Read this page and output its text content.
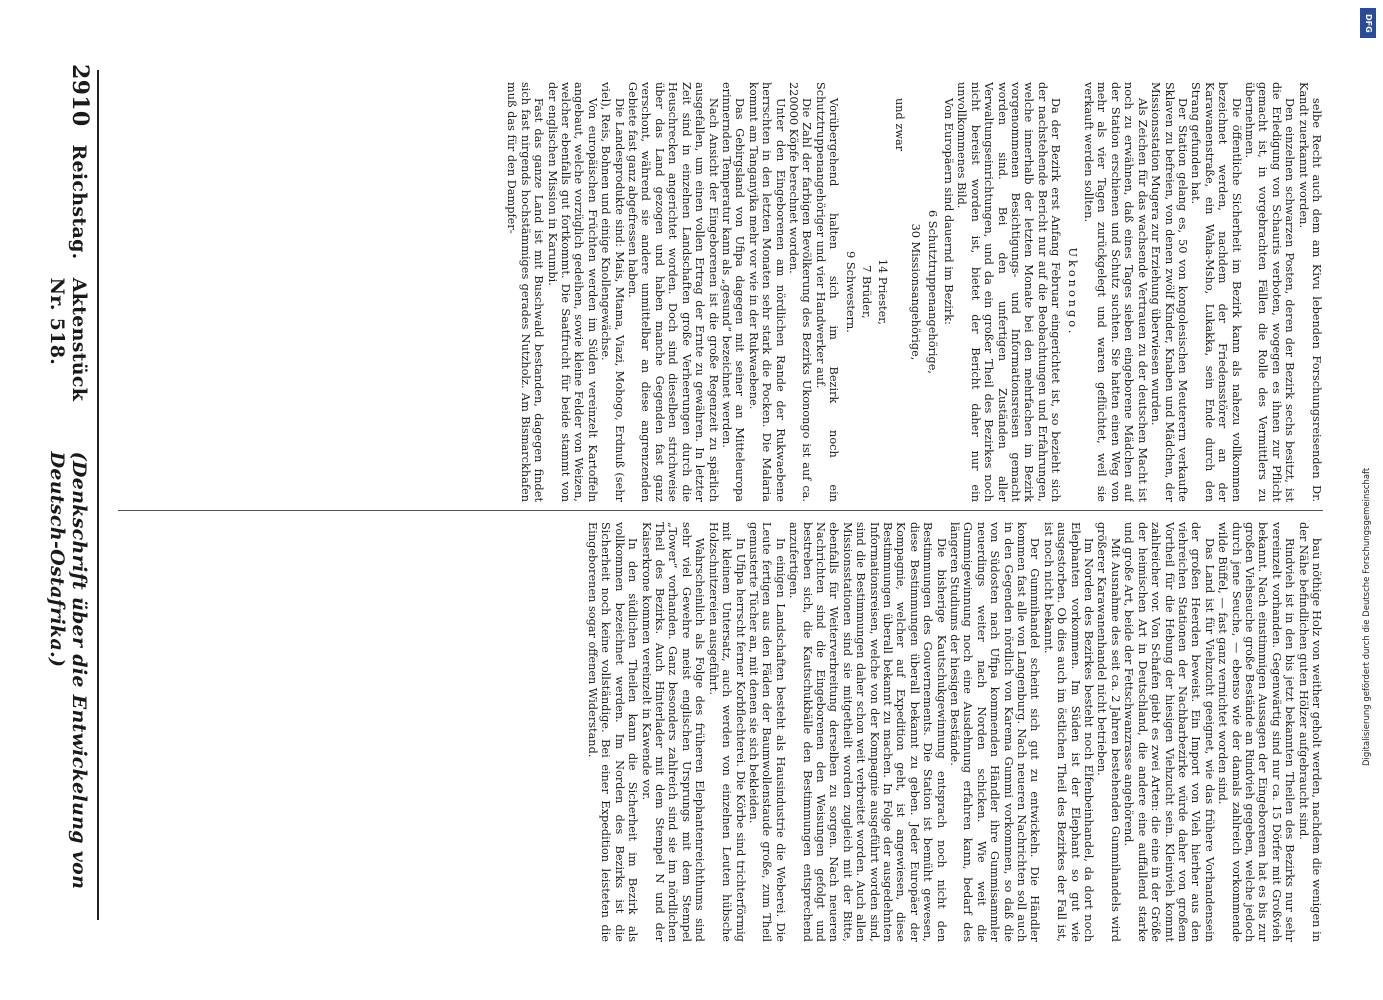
2910
Reichstag.
Aktenstück Nr. 518.
(Denkschrift über die Entwickelung von Deutsch-Ostafrika.)

selbe Recht auch dem am Kivu lebenden Forschungsreisenden Dr. Kandt zuerkannt worden.

Den einzelnen schwarzen Posten, deren der Bezirk sechs besitzt, ist die Erledigung von Schauris verboten, wogegen es ihnen zur Pflicht gemacht ist, in vorgebrachten Fällen die Rolle des Vermittlers zu übernehmen.

Die öffentliche Sicherheit im Bezirk kann als nahezu vollkommen bezeichnet werden, nachdem der Friedensstörer an der Karawanenstraße, ein Waha-Msho, Lukakka, sein Ende durch den Strang gefunden hat.

Der Station gelang es, 50 von kongolesischen Meuterern verkaufte Sklaven zu befreien, von denen zwölf Kinder, Knaben und Mädchen, der Missionsstation Mugera zur Erziehung überwiesen wurden.

Als Zeichen für das wachsende Vertrauen zu der deutschen Macht ist noch zu erwähnen, daß eines Tages sieben eingeborene Mädchen auf der Station erschienen und Schutz suchten. Sie hatten einen Weg von mehr als vier Tagen zurückgelegt und waren geflüchtet, weil sie verkauft werden sollten.

Ukonongo.

Da der Bezirk erst Anfang Februar eingerichtet ist, so bezieht sich der nachstehende Bericht nur auf die Beobachtungen und Erfahrungen, welche innerhalb der letzten Monate bei den mehrfachen im Bezirk vorgenommenen Besichtigungs- und Informationsreisen gemacht worden sind. Bei den unfertigen Zuständen aller Verwaltungseinrichtungen, und da ein großer Theil des Bezirkes noch nicht bereist worden ist, bietet der Bericht daher nur ein unvollkommenes Bild.

Von Europäern sind dauernd im Bezirk:

6 Schutztruppenangehörige,

30 Missionsangehörige,

und zwar

14 Priester,

7 Brüder,

9 Schwestern.

Vorübergehend halten sich im Bezirk noch ein Schutztruppenangehöriger und vier Handwerker auf.

Die Zahl der farbigen Bevölkerung des Bezirks Ukonongo ist auf ca. 220000 Köpfe berechnet worden.

Unter den Eingeborenen am nördlichen Rande der Rukwaebene herrschten in den letzten Monaten sehr stark die Pocken. Die Malaria kommt am Tanganyika mehr vor wie in der Rukwaebene.

Das Gebirgsland von Ufipa dagegen mit seiner an Mitteleuropa erinnernden Temperatur kann als „gesund“ bezeichnet werden.

Nach Ansicht der Eingeborenen ist die große Regenzeit zu spärlich ausgefallen, um einen vollen Ertrag der Ernte zu gewähren. In letzter Zeit sind in einzelnen Landschaften große Verheerungen durch die Heuschrecken angerichtet worden. Doch sind dieselben strichweise über das Land gezogen und haben manche Gegenden fast ganz verschont, während sie andere unmittelbar an diese angrenzenden Gebiete fast ganz abgefressen haben.

Die Landesprodukte sind: Mais, Mtama, Viazi, Mohogo, Erdnuß (sehr viel), Reis, Bohnen und einige Knollengewächse.

Von europäischen Früchten werden im Süden vereinzelt Kartoffeln angebaut, welche vorzüglich gedeihen, sowie kleine Felder von Weizen, welcher ebenfalls gut fortkommt. Die Saatfrucht für beide stammt von der englischen Mission in Karumbi.

Fast das ganze Land ist mit Buschwald bestanden, dagegen findet sich fast nirgends hochstämmiges gerades Nutzholz. Am Bismarckhafen muß das für den Dampfer-

bau nöthige Holz von weither geholt werden, nachdem die wenigen in der Nähe befindlichen guten Hölzer aufgebraucht sind.

Rindvieh ist in den bis jetzt bekannten Theilen des Bezirks nur sehr vereinzelt vorhanden. Gegenwärtig sind nur ca. 15 Dörfer mit Großvieh bekannt. Nach einstimmigen Aussagen der Eingeborenen hat es bis zur großen Viehseuche große Bestände an Rindvieh gegeben, welche jedoch durch jene Seuche, — ebenso wie der damals zahlreich vorkommende wilde Büffel, — fast ganz vernichtet worden sind.

Das Land ist für Viehzucht geeignet, wie das frühere Vorhandensein der großen Heerden beweist. Ein Import von Vieh hierher aus den viehreichen Stationen der Nachbarbezirke würde daher von großem Vortheil für die Hebung der hiesigen Viehzucht sein. Kleinvieh kommt zahlreicher vor. Von Schafen giebt es zwei Arten: die eine in der Größe der heimischen Art in Deutschland, die andere eine auffallend starke und große Art, beide der Fettschwanzrasse angehörend.

Mit Ausnahme des seit ca. 2 Jahren bestehenden Gummihandels wird größerer Karawanenhandel nicht betrieben.

Im Norden des Bezirkes besteht noch Elfenbeinhandel, da dort noch Elephanten vorkommen. Im Süden ist der Elephant so gut wie ausgestorben. Ob dies auch im östlichen Theil des Bezirkes der Fall ist, ist noch nicht bekannt.

Der Gummihandel scheint sich gut zu entwickeln. Die Händler kommen fast alle von Langenburg. Nach neueren Nachrichten soll auch in den Gegenden nördlich von Karema Gummi vorkommen, so daß die von Südosten nach Ufipa kommenden Händler ihre Gummisammler neuerdings weiter nach Norden schicken. Wie weit die Gummigewinnung noch eine Ausdehnung erfahren kann, bedarf des längeren Studiums der hiesigen Bestände.

Die bisherige Kautschukgewinnung entsprach noch nicht den Bestimmungen des Gouvernements. Die Station ist bemüht gewesen, diese Bestimmungen überall bekannt zu geben. Jeder Europäer der Kompagnie, welcher auf Expedition geht, ist angewiesen, diese Bestimmungen überall bekannt zu machen. In Folge der ausgedehnten Informationsreisen, welche von der Kompagnie ausgeführt worden sind, sind die Bestimmungen daher schon weit verbreitet worden. Auch allen Missionsstationen sind sie mitgetheilt worden zugleich mit der Bitte, ebenfalls für Weiterverbreitung derselben zu sorgen. Nach neueren Nachrichten sind die Eingeborenen den Weisungen gefolgt und bestreben sich, die Kautschukbälle den Bestimmungen entsprechend anzufertigen.

In einigen Landschaften besteht als Hausindustrie die Weberei. Die Leute fertigen aus den Fäden der Baumwollenstaude große, zum Theil gemusterte Tücher an, mit denen sie sich bekleiden.

In Ufipa herrscht ferner Korbflechterei. Die Körbe sind trichterförmig mit kleinem Untersatz, auch werden von einzelnen Leuten hübsche Holzschnitzereien ausgeführt.

Wahrscheinlich als Folge des früheren Elephantenreichthums sind sehr viel Gewehre meist englischen Ursprungs mit dem Stempel „Tower“ vorhanden. Ganz besonders zahlreich sind sie im nördlichen Theil des Bezirks. Auch Hinterlader mit dem Stempel N und der Kaiserkrone kommen vereinzelt in Kawende vor.

In den südlichen Theilen kann die Sicherheit im Bezirk als vollkommen bezeichnet werden. Im Norden des Bezirks ist die Sicherheit noch keine vollständige. Bei einer Expedition leisteten die Eingeborenen sogar offenen Widerstand.

DFG
Digitalisierung gefördert durch die Deutsche Forschungsgemeinschaft
